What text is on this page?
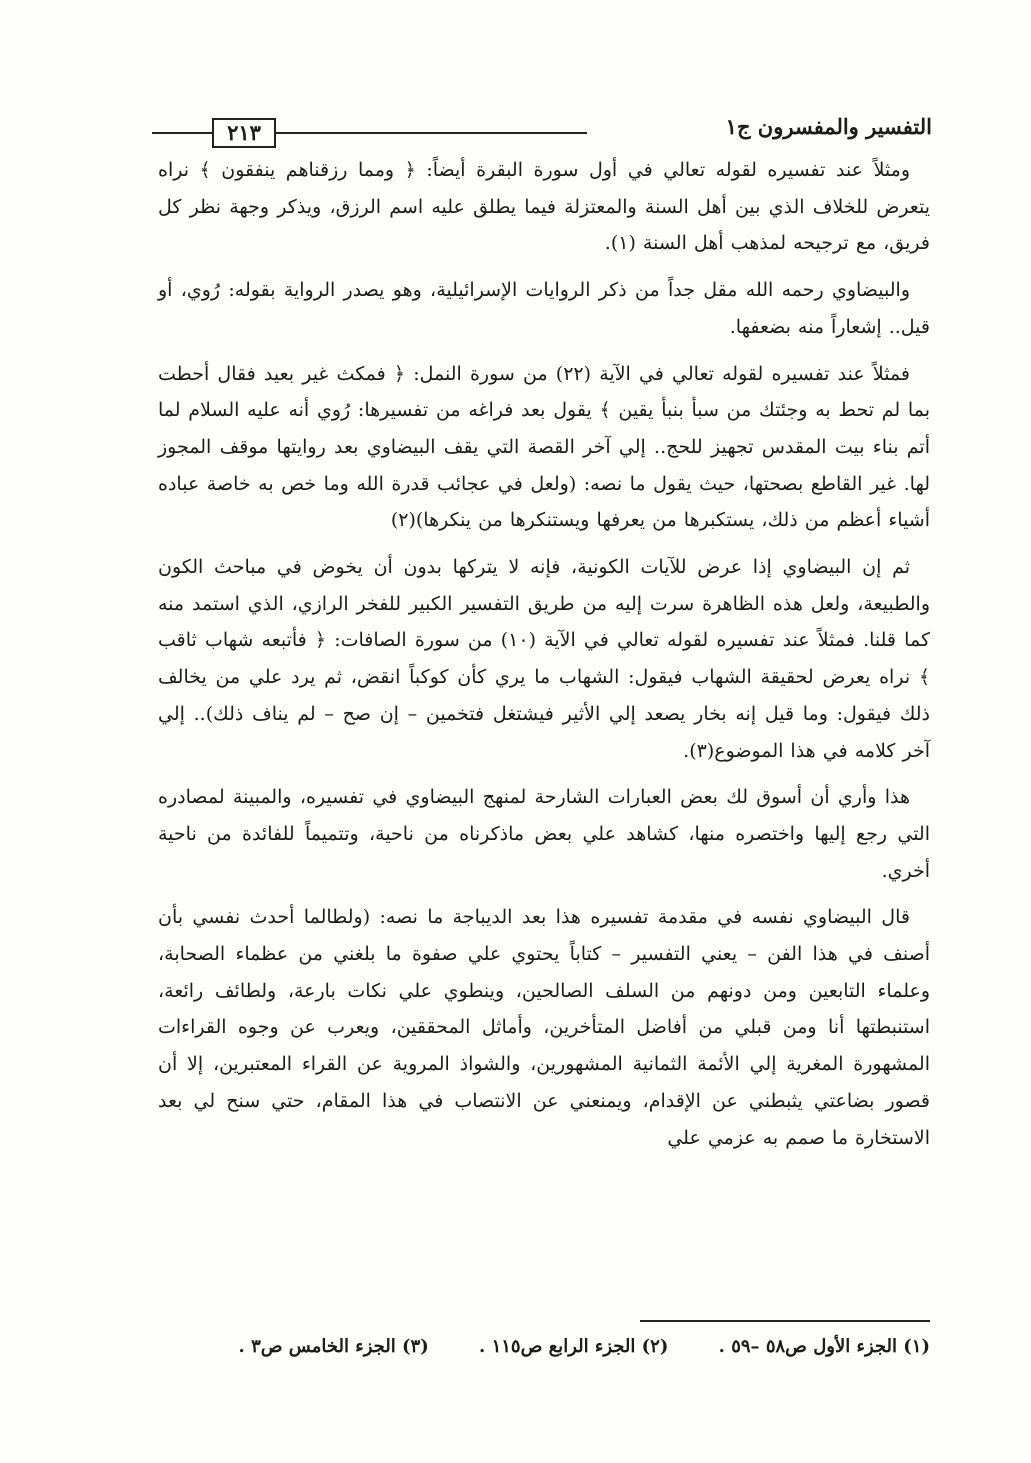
التفسير والمفسرون ج١
٢١٣

ومثلاً عند تفسيره لقوله تعالي في أول سورة البقرة أيضاً: ﴿ ومما رزقناهم ينفقون ﴾ نراه يتعرض للخلاف الذي بين أهل السنة والمعتزلة فيما يطلق عليه اسم الرزق، ويذكر وجهة نظر كل فريق، مع ترجيحه لمذهب أهل السنة (١).

والبيضاوي رحمه الله مقل جداً من ذكر الروايات الإسرائيلية، وهو يصدر الرواية بقوله: رُوي، أو قيل.. إشعاراً منه بضعفها.

فمثلاً عند تفسيره لقوله تعالي في الآية (٢٢) من سورة النمل: ﴿ فمكث غير بعيد فقال أحطت بما لم تحط به وجئتك من سبأ بنبأ يقين ﴾ يقول بعد فراغه من تفسيرها: رُوي أنه عليه السلام لما أتم بناء بيت المقدس تجهيز للحج.. إلي آخر القصة التي يقف البيضاوي بعد روايتها موقف المجوز لها. غير القاطع بصحتها، حيث يقول ما نصه: (ولعل في عجائب قدرة الله وما خص به خاصة عباده أشياء أعظم من ذلك، يستكبرها من يعرفها ويستنكرها من ينكرها)(٢)

ثم إن البيضاوي إذا عرض للآيات الكونية، فإنه لا يتركها بدون أن يخوض في مباحث الكون والطبيعة، ولعل هذه الظاهرة سرت إليه من طريق التفسير الكبير للفخر الرازي، الذي استمد منه كما قلنا. فمثلاً عند تفسيره لقوله تعالي في الآية (١٠) من سورة الصافات: ﴿ فأتبعه شهاب ثاقب ﴾ نراه يعرض لحقيقة الشهاب فيقول: الشهاب ما يري كأن كوكباً انقض، ثم يرد علي من يخالف ذلك فيقول: وما قيل إنه بخار يصعد إلي الأثير فيشتغل فتخمين – إن صح – لم يناف ذلك).. إلي آخر كلامه في هذا الموضوع(٣).

هذا وأري أن أسوق لك بعض العبارات الشارحة لمنهج البيضاوي في تفسيره، والمبينة لمصادره التي رجع إليها واختصره منها، كشاهد علي بعض ماذكرناه من ناحية، وتتميماً للفائدة من ناحية أخري.

قال البيضاوي نفسه في مقدمة تفسيره هذا بعد الديباجة ما نصه: (ولطالما أحدث نفسي بأن أصنف في هذا الفن – يعني التفسير – كتاباً يحتوي علي صفوة ما بلغني من عظماء الصحابة، وعلماء التابعين ومن دونهم من السلف الصالحين، وينطوي علي نكات بارعة، ولطائف رائعة، استنبطتها أنا ومن قبلي من أفاضل المتأخرين، وأماثل المحققين، ويعرب عن وجوه القراءات المشهورة المغرية إلي الأئمة الثمانية المشهورين، والشواذ المروية عن القراء المعتبرين، إلا أن قصور بضاعتي يثبطني عن الإقدام، ويمنعني عن الانتصاب في هذا المقام، حتي سنح لي بعد الاستخارة ما صمم به عزمي علي

(١) الجزء الأول ص٥٨ –٥٩ . (٢) الجزء الرابع ص١١٥ . (٣) الجزء الخامس ص٣ .
